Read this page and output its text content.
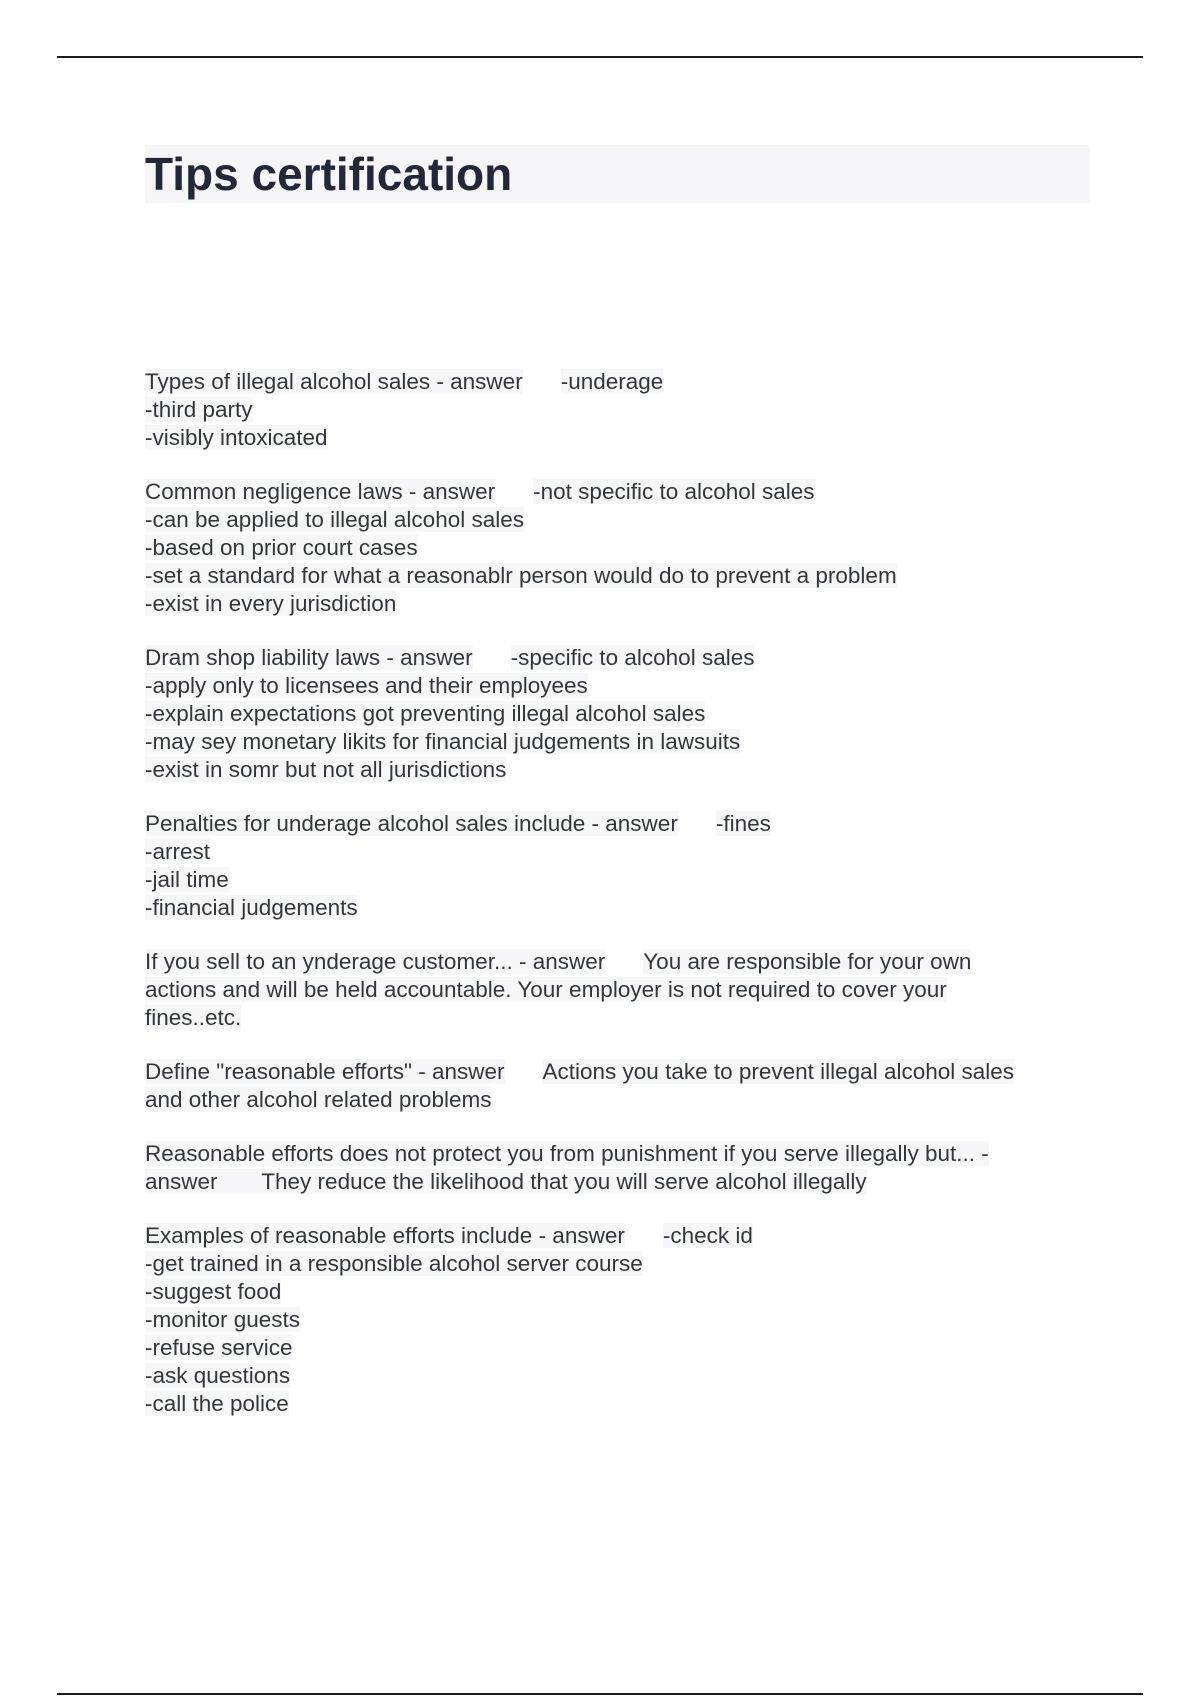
Tips certification
Types of illegal alcohol sales - answer -underage
-third party
-visibly intoxicated
Common negligence laws - answer -not specific to alcohol sales
-can be applied to illegal alcohol sales
-based on prior court cases
-set a standard for what a reasonablr person would do to prevent a problem
-exist in every jurisdiction
Dram shop liability laws - answer -specific to alcohol sales
-apply only to licensees and their employees
-explain expectations got preventing illegal alcohol sales
-may sey monetary likits for financial judgements in lawsuits
-exist in somr but not all jurisdictions
Penalties for underage alcohol sales include - answer -fines
-arrest
-jail time
-financial judgements
If you sell to an ynderage customer... - answer You are responsible for your own
actions and will be held accountable. Your employer is not required to cover your
fines..etc.
Define "reasonable efforts" - answer Actions you take to prevent illegal alcohol sales
and other alcohol related problems
Reasonable efforts does not protect you from punishment if you serve illegally but... -
answer       They reduce the likelihood that you will serve alcohol illegally
Examples of reasonable efforts include - answer -check id
-get trained in a responsible alcohol server course
-suggest food
-monitor guests
-refuse service
-ask questions
-call the police
